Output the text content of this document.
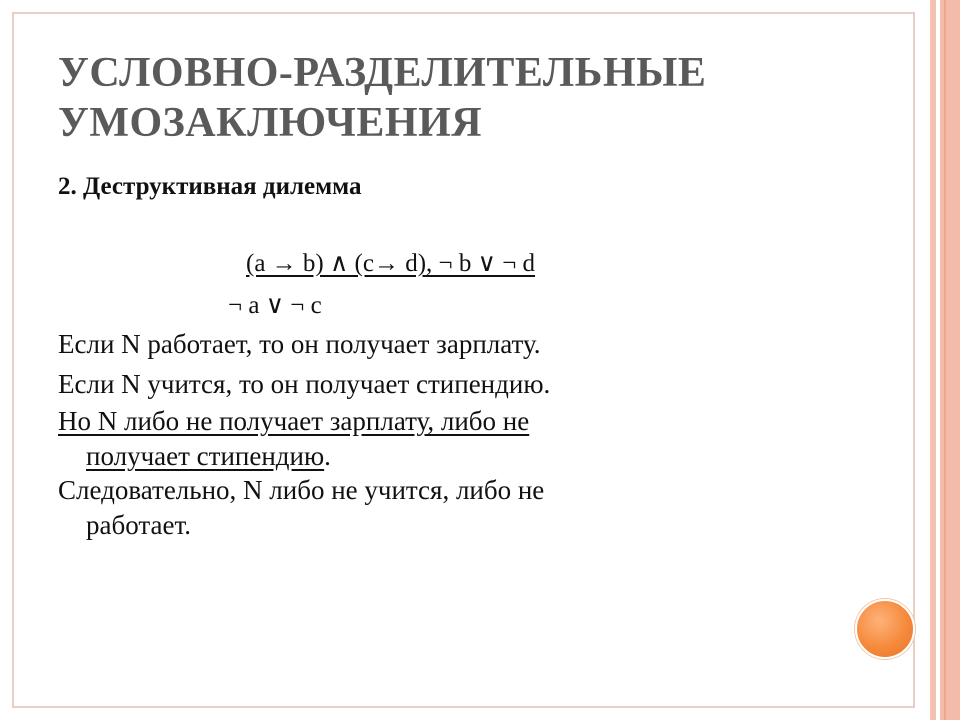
УСЛОВНО-РАЗДЕЛИТЕЛЬНЫЕ
УМОЗАКЛЮЧЕНИЯ

2. Деструктивная дилемма

(a → b) ∧ (c→ d), ¬ b ∨ ¬ d
¬ a ∨ ¬ c

Если N работает, то он получает зарплату.

Если N учится, то он получает стипендию.

Но N либо не получает зарплату, либо не
получает стипендию.

Следовательно, N либо не учится, либо не
работает.
